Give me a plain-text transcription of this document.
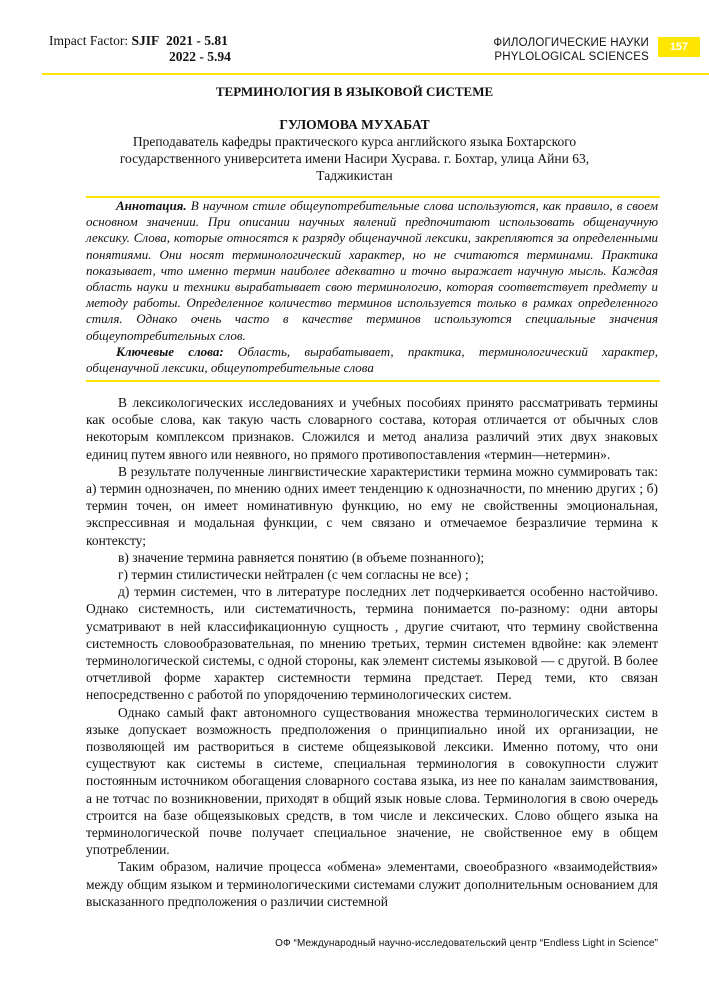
Impact Factor: SJIF 2021 - 5.81
2022 - 5.94
ФИЛОЛОГИЧЕСКИЕ НАУКИ
PHYLOLOGICAL SCIENCES
157
ТЕРМИНОЛОГИЯ В ЯЗЫКОВОЙ СИСТЕМЕ
ГУЛОМОВА МУХАБАТ
Преподаватель кафедры практического курса английского языка Бохтарского государственного университета имени Насири Хусрава. г. Бохтар, улица Айни 63, Таджикистан
Аннотация. В научном стиле общеупотребительные слова используются, как правило, в своем основном значении. При описании научных явлений предпочитают использовать общенаучную лексику. Слова, которые относятся к разряду общенаучной лексики, закрепляются за определенными понятиями. Они носят терминологический характер, но не считаются терминами. Практика показывает, что именно термин наиболее адекватно и точно выражает научную мысль. Каждая область науки и техники вырабатывает свою терминологию, которая соответствует предмету и методу работы. Определенное количество терминов используется только в рамках определенного стиля. Однако очень часто в качестве терминов используются специальные значения общеупотребительных слов.
Ключевые слова: Область, вырабатывает, практика, терминологический характер, общенаучной лексики, общеупотребительные слова

В лексикологических исследованиях и учебных пособиях принято рассматривать термины как особые слова, как такую часть словарного состава, которая отличается от обычных слов некоторым комплексом признаков. Сложился и метод анализа различий этих двух знаковых единиц путем явного или неявного, но прямого противопоставления «термин—нетермин».

В результате полученные лингвистические характеристики термина можно суммировать так: а) термин однозначен, по мнению одних имеет тенденцию к однозначности, по мнению других ; б) термин точен, он имеет номинативную функцию, но ему не свойственны эмоциональная, экспрессивная и модальная функции, с чем связано и отмечаемое безразличие термина к контексту;

в) значение термина равняется понятию (в объеме познанного);

г) термин стилистически нейтрален (с чем согласны не все) ;

д) термин системен, что в литературе последних лет подчеркивается особенно настойчиво. Однако системность, или систематичность, термина понимается по-разному: одни авторы усматривают в ней классификационную сущность , другие считают, что термину свойственна системность словообразовательная, по мнению третьих, термин системен вдвойне: как элемент терминологической системы, с одной стороны, как элемент системы языковой — с другой. В более отчетливой форме характер системности термина предстает. Перед теми, кто связан непосредственно с работой по упорядочению терминологических систем.

Однако самый факт автономного существования множества терминологических систем в языке допускает возможность предположения о принципиально иной их организации, не позволяющей им раствориться в системе общеязыковой лексики. Именно потому, что они существуют как системы в системе, специальная терминология в совокупности служит постоянным источником обогащения словарного состава языка, из нее по каналам заимствования, а не тотчас по возникновении, приходят в общий язык новые слова. Терминология в свою очередь строится на базе общеязыковых средств, в том числе и лексических. Слово общего языка на терминологической почве получает специальное значение, не свойственное ему в общем употреблении.

Таким образом, наличие процесса «обмена» элементами, своеобразного «взаимодействия» между общим языком и терминологическими системами служит дополнительным основанием для высказанного предположения о различии системной

ОФ “Международный научно-исследовательский центр “Endless Light in Science”
